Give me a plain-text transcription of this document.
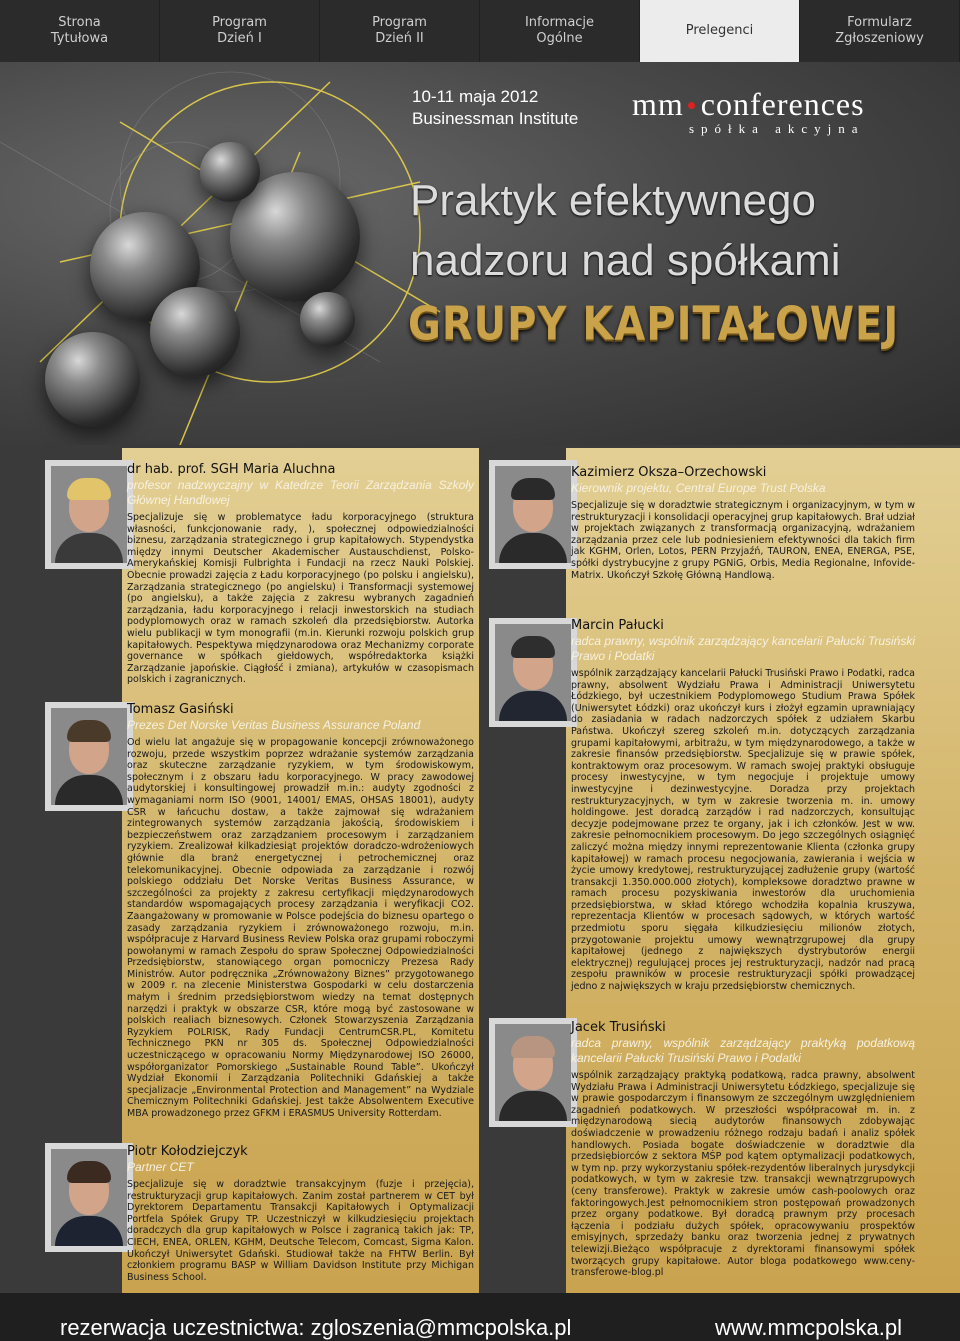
Strona
Tytułowa
Program
Dzień I
Program
Dzień II
Informacje
Ogólne
Prelegenci
Formularz
Zgłoszeniowy
10-11 maja 2012
Businessman Institute mm conferences
spółka akcyjna
Praktyk efektywnego
nadzoru nad spółkami
GRUPY KAPITAŁOWEJ
dr hab. prof. SGH Maria Aluchna
profesor nadzwyczajny w Katedrze Teorii Zarządzania Szkoły Głównej Handlowej

Specjalizuje się w problematyce ładu korporacyjnego (struktura własności, funkcjonowanie rady, ), społecznej odpowiedzialności biznesu, zarządzania strategicznego i grup kapitałowych. Stypendystka między innymi Deutscher Akademischer Austauschdienst, Polsko-Amerykańskiej Komisji Fulbrighta i Fundacji na rzecz Nauki Polskiej. Obecnie prowadzi zajęcia z Ładu korporacyjnego (po polsku i angielsku), Zarządzania strategicznego (po angielsku) i Transformacji systemowej (po angielsku), a także zajęcia z zakresu wybranych zagadnień zarządzania, ładu korporacyjnego i relacji inwestorskich na studiach podyplomowych oraz w ramach szkoleń dla przedsiębiorstw. Autorka wielu publikacji w tym monografii (m.in. Kierunki rozwoju polskich grup kapitałowych. Pespektywa międzynarodowa oraz Mechanizmy corporate governance w spółkach giełdowych, współredaktorka książki Zarządzanie japońskie. Ciągłość i zmiana), artykułów w czasopismach polskich i zagranicznych.

Tomasz Gasiński
Prezes Det Norske Veritas Business Assurance Poland

Od wielu lat angażuje się w propagowanie koncepcji zrównoważonego rozwoju, przede wszystkim poprzez wdrażanie systemów zarządzania oraz skuteczne zarządzanie ryzykiem, w tym środowiskowym, społecznym i z obszaru ładu korporacyjnego. W pracy zawodowej audytorskiej i konsultingowej prowadził m.in.: audyty zgodności z wymaganiami norm ISO (9001, 14001/ EMAS, OHSAS 18001), audyty CSR w łańcuchu dostaw, a także zajmował się wdrażaniem zintegrowanych systemów zarządzania jakością, środowiskiem i bezpieczeństwem oraz zarządzaniem procesowym i zarządzaniem ryzykiem. Zrealizował kilkadziesiąt projektów doradczo-wdrożeniowych głównie dla branż energetycznej i petrochemicznej oraz telekomunikacyjnej. Obecnie odpowiada za zarządzanie i rozwój polskiego oddziału Det Norske Veritas Business Assurance, w szczególności za projekty z zakresu certyfikacji międzynarodowych standardów wspomagających procesy zarządzania i weryfikacji CO2. Zaangażowany w promowanie w Polsce podejścia do biznesu opartego o zasady zarządzania ryzykiem i zrównoważonego rozwoju, m.in. współpracuje z Harvard Business Review Polska oraz grupami roboczymi powołanymi w ramach Zespołu do spraw Społecznej Odpowiedzialności Przedsiębiorstw, stanowiącego organ pomocniczy Prezesa Rady Ministrów. Autor podręcznika „Zrównoważony Biznes” przygotowanego w 2009 r. na zlecenie Ministerstwa Gospodarki w celu dostarczenia małym i średnim przedsiębiorstwom wiedzy na temat dostępnych narzędzi i praktyk w obszarze CSR, które mogą być zastosowane w polskich realiach biznesowych. Członek Stowarzyszenia Zarządzania Ryzykiem POLRISK, Rady Fundacji CentrumCSR.PL, Komitetu Technicznego PKN nr 305 ds. Społecznej Odpowiedzialności uczestniczącego w opracowaniu Normy Międzynarodowej ISO 26000, współorganizator Pomorskiego „Sustainable Round Table”. Ukończył Wydział Ekonomii i Zarządzania Politechniki Gdańskiej a także specjalizacje „Environmental Protection and Management” na Wydziale Chemicznym Politechniki Gdańskiej. Jest także Absolwentem Executive MBA prowadzonego przez GFKM i ERASMUS University Rotterdam.

Piotr Kołodziejczyk
Partner CET

Specjalizuje się w doradztwie transakcyjnym (fuzje i przejęcia), restrukturyzacji grup kapitałowych. Zanim został partnerem w CET był Dyrektorem Departamentu Transakcji Kapitałowych i Optymalizacji Portfela Spółek Grupy TP. Uczestniczył w kilkudziesięciu projektach doradczych dla grup kapitałowych w Polsce i zagranicą takich jak: TP, CIECH, ENEA, ORLEN, KGHM, Deutsche Telecom, Comcast, Sigma Kalon. Ukończył Uniwersytet Gdański. Studiował także na FHTW Berlin. Był członkiem programu BASP w William Davidson Institute przy Michigan Business School.

Kazimierz Oksza–Orzechowski
Kierownik projektu, Central Europe Trust Polska

Specjalizuje się w doradztwie strategicznym i organizacyjnym, w tym w restrukturyzacji i konsolidacji operacyjnej grup kapitałowych. Brał udział w projektach związanych z transformacją organizacyjną, wdrażaniem zarządzania przez cele lub podniesieniem efektywności dla takich firm jak KGHM, Orlen, Lotos, PERN Przyjaźń, TAURON, ENEA, ENERGA, PSE, spółki dystrybucyjne z grupy PGNiG, Orbis, Media Regionalne, Infovide-Matrix. Ukończył Szkołę Główną Handlową.

Marcin Pałucki
radca prawny, wspólnik zarządzający kancelarii Pałucki Trusiński Prawo i Podatki

wspólnik zarządzający kancelarii Pałucki Trusiński Prawo i Podatki, radca prawny, absolwent Wydziału Prawa i Administracji Uniwersytetu Łódzkiego, był uczestnikiem Podyplomowego Studium Prawa Spółek (Uniwersytet Łódzki) oraz ukończył kurs i złożył egzamin uprawniający do zasiadania w radach nadzorczych spółek z udziałem Skarbu Państwa. Ukończył szereg szkoleń m.in. dotyczących zarządzania grupami kapitałowymi, arbitrażu, w tym międzynarodowego, a także w zakresie finansów przedsiębiorstw. Specjalizuje się w prawie spółek, kontraktowym oraz procesowym. W ramach swojej praktyki obsługuje procesy inwestycyjne, w tym negocjuje i projektuje umowy inwestycyjne i dezinwestycyjne. Doradza przy projektach restrukturyzacyjnych, w tym w zakresie tworzenia m. in. umowy holdingowe. Jest doradcą zarządów i rad nadzorczych, konsultując decyzje podejmowane przez te organy, jak i ich członków. Jest w ww. zakresie pełnomocnikiem procesowym. Do jego szczególnych osiągnięć zaliczyć można między innymi reprezentowanie Klienta (członka grupy kapitałowej) w ramach procesu negocjowania, zawierania i wejścia w życie umowy kredytowej, restrukturyzującej zadłużenie grupy (wartość transakcji 1.350.000.000 złotych), kompleksowe doradztwo prawne w ramach procesu pozyskiwania inwestorów dla uruchomienia przedsiębiorstwa, w skład którego wchodziła kopalnia kruszywa, reprezentacja Klientów w procesach sądowych, w których wartość przedmiotu sporu sięgała kilkudziesięciu milionów złotych, przygotowanie projektu umowy wewnątrzgrupowej dla grupy kapitałowej (jednego z największych dystrybutorów energii elektrycznej) regulującej proces jej restrukturyzacji, nadzór nad pracą zespołu prawników w procesie restrukturyzacji spółki prowadzącej jedno z największych w kraju przedsiębiorstw chemicznych.

Jacek Trusiński
radca prawny, wspólnik zarządzający praktyką podatkową kancelarii Pałucki Trusiński Prawo i Podatki

wspólnik zarządzający praktyką podatkową, radca prawny, absolwent Wydziału Prawa i Administracji Uniwersytetu Łódzkiego, specjalizuje się w prawie gospodarczym i finansowym ze szczególnym uwzględnieniem zagadnień podatkowych. W przeszłości współpracował m. in. z międzynarodową siecią audytorów finansowych zdobywając doświadczenie w prowadzeniu różnego rodzaju badań i analiz spółek handlowych. Posiada bogate doświadczenie w doradztwie dla przedsiębiorców z sektora MŚP pod kątem optymalizacji podatkowych, w tym np. przy wykorzystaniu spółek-rezydentów liberalnych jurysdykcji podatkowych, w tym w zakresie tzw. transakcji wewnątrzgrupowych (ceny transferowe). Praktyk w zakresie umów cash-poolowych oraz faktoringowych.Jest pełnomocnikiem stron postępowań prowadzonych przez organy podatkowe. Był doradcą prawnym przy procesach łączenia i podziału dużych spółek, opracowywaniu prospektów emisyjnych, sprzedaży banku oraz tworzenia jednej z prywatnych telewizji.Bieżąco współpracuje z dyrektorami finansowymi spółek tworzących grupy kapitałowe. Autor bloga podatkowego www.ceny-transferowe-blog.pl

rezerwacja uczestnictwa: zgloszenia@mmcpolska.pl	www.mmcpolska.pl
